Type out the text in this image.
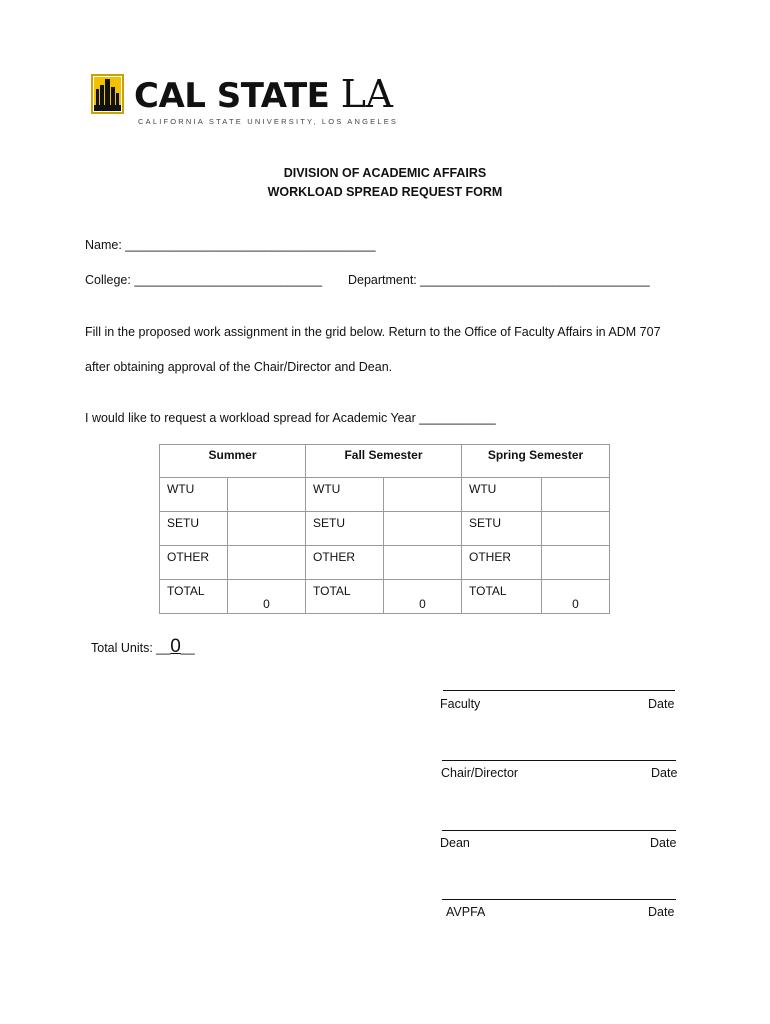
CAL STATE LA
CALIFORNIA STATE UNIVERSITY, LOS ANGELES
DIVISION OF ACADEMIC AFFAIRS
WORKLOAD SPREAD REQUEST FORM
Name: ____________________________________
College: ___________________________ Department: _________________________________
Fill in the proposed work assignment in the grid below. Return to the Office of Faculty Affairs in ADM 707
after obtaining approval of the Chair/Director and Dean.
I would like to request a workload spread for Academic Year ___________
Summer		Fall Semester		Spring Semester	
WTU		WTU		WTU	
SETU		SETU		SETU	
OTHER		OTHER		OTHER	
TOTAL	0	TOTAL	0	TOTAL	0
Total Units: __0__
Faculty	Date
Chair/Director	Date
Dean	Date
AVPFA	Date
